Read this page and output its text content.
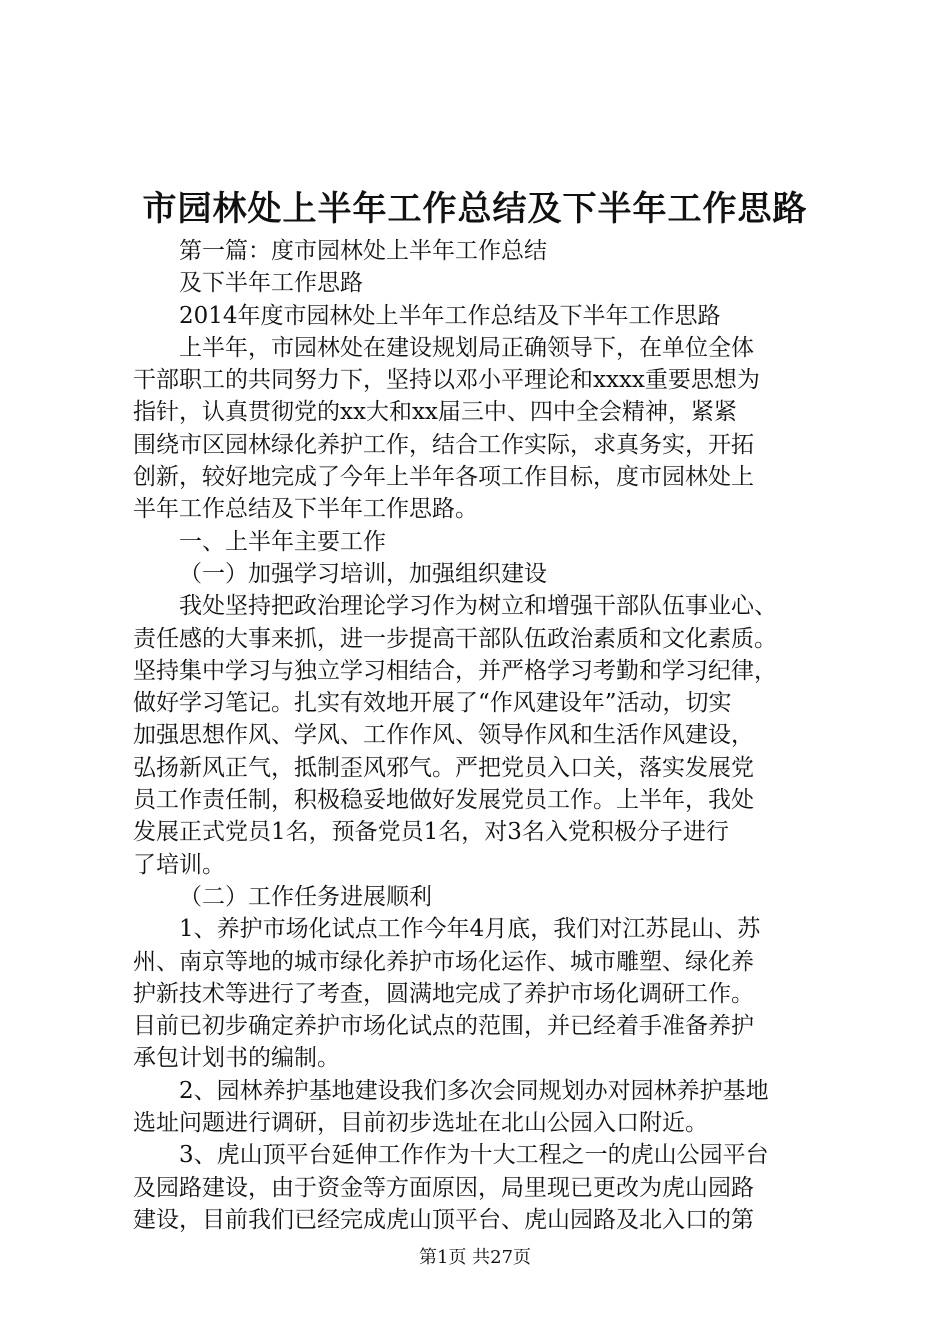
市园林处上半年工作总结及下半年工作思路
第一篇：度市园林处上半年工作总结
及下半年工作思路
2014年度市园林处上半年工作总结及下半年工作思路
上半年，市园林处在建设规划局正确领导下，在单位全体
干部职工的共同努力下，坚持以邓小平理论和xxxx重要思想为
指针，认真贯彻党的xx大和xx届三中、四中全会精神，紧紧
围绕市区园林绿化养护工作，结合工作实际，求真务实，开拓
创新，较好地完成了今年上半年各项工作目标，度市园林处上
半年工作总结及下半年工作思路。
一、上半年主要工作
（一）加强学习培训，加强组织建设
我处坚持把政治理论学习作为树立和增强干部队伍事业心、
责任感的大事来抓，进一步提高干部队伍政治素质和文化素质。
坚持集中学习与独立学习相结合，并严格学习考勤和学习纪律，
做好学习笔记。扎实有效地开展了“作风建设年”活动，切实
加强思想作风、学风、工作作风、领导作风和生活作风建设，
弘扬新风正气，抵制歪风邪气。严把党员入口关，落实发展党
员工作责任制，积极稳妥地做好发展党员工作。上半年，我处
发展正式党员1名，预备党员1名，对3名入党积极分子进行
了培训。
（二）工作任务进展顺利
1、养护市场化试点工作今年4月底，我们对江苏昆山、苏
州、南京等地的城市绿化养护市场化运作、城市雕塑、绿化养
护新技术等进行了考查，圆满地完成了养护市场化调研工作。
目前已初步确定养护市场化试点的范围，并已经着手准备养护
承包计划书的编制。
2、园林养护基地建设我们多次会同规划办对园林养护基地
选址问题进行调研，目前初步选址在北山公园入口附近。
3、虎山顶平台延伸工作作为十大工程之一的虎山公园平台
及园路建设，由于资金等方面原因，局里现已更改为虎山园路
建设，目前我们已经完成虎山顶平台、虎山园路及北入口的第
第1页 共27页
